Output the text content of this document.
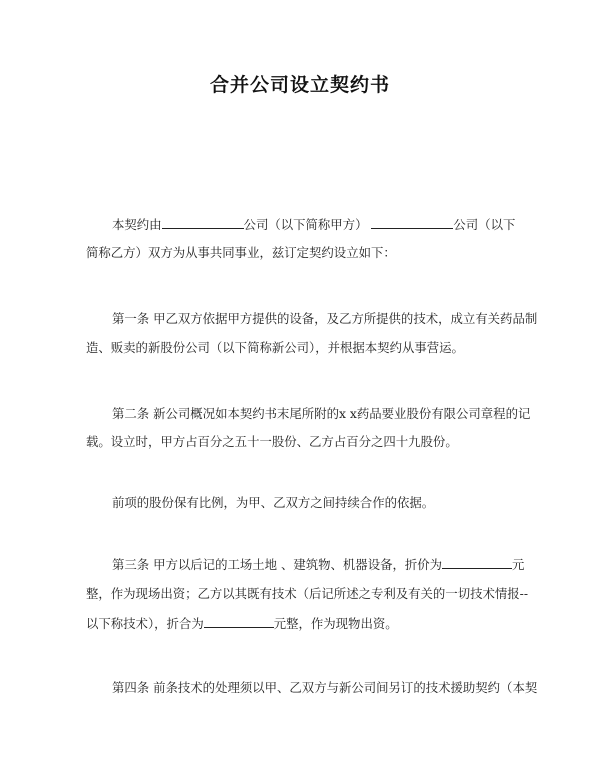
合并公司设立契约书
本契约由	公司（以下简称甲方）	公司（以下
简称乙方）双方为从事共同事业，兹订定契约设立如下：
第一条 甲乙双方依据甲方提供的设备，及乙方所提供的技术，成立有关药品制
造、贩卖的新股份公司（以下简称新公司），并根据本契约从事营运。
第二条 新公司概况如本契约书末尾所附的x x药品要业股份有限公司章程的记
载。设立时，甲方占百分之五十一股份、乙方占百分之四十九股份。
前项的股份保有比例，为甲、乙双方之间持续合作的依据。
第三条 甲方以后记的工场土地 、建筑物、机器设备，折价为	元
整，作为现场出资；乙方以其既有技术（后记所述之专利及有关的一切技术情报--
以下称技术），折合为	元整，作为现物出资。
第四条 前条技术的处理须以甲、乙双方与新公司间另订的技术援助契约（本契
